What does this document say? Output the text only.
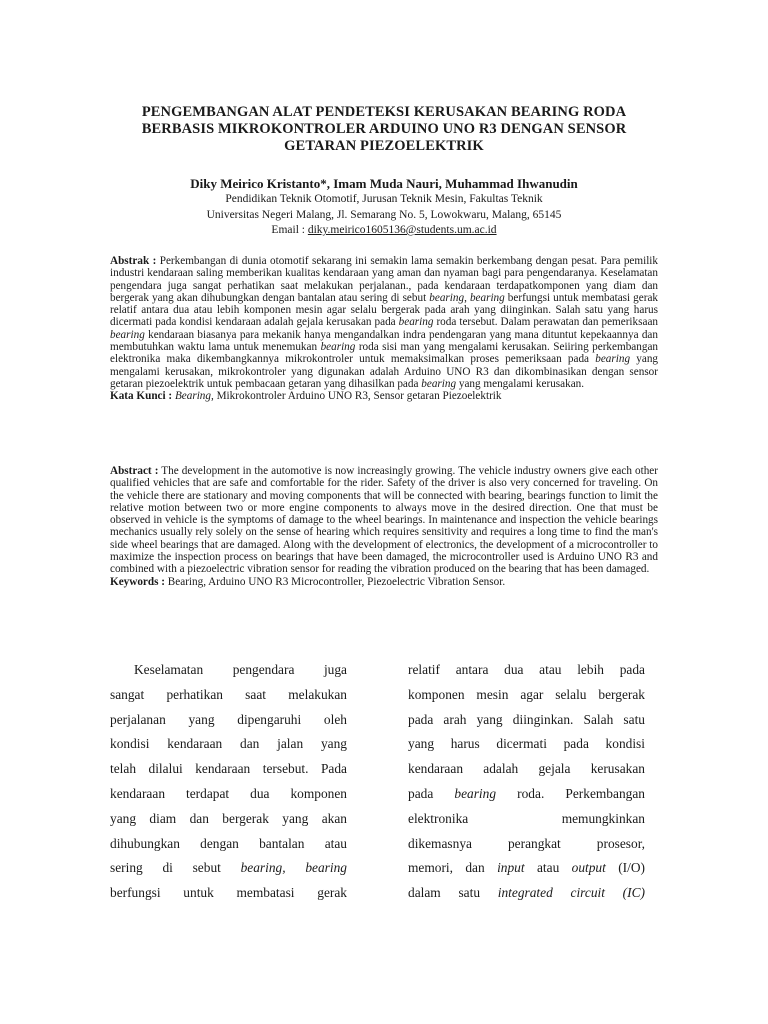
PENGEMBANGAN ALAT PENDETEKSI KERUSAKAN BEARING RODA
BERBASIS MIKROKONTROLER ARDUINO UNO R3 DENGAN SENSOR
GETARAN PIEZOELEKTRIK
Diky Meirico Kristanto*, Imam Muda Nauri, Muhammad Ihwanudin
Pendidikan Teknik Otomotif, Jurusan Teknik Mesin, Fakultas Teknik
Universitas Negeri Malang, Jl. Semarang No. 5, Lowokwaru, Malang, 65145
Email : diky.meirico1605136@students.um.ac.id
Abstrak : Perkembangan di dunia otomotif sekarang ini semakin lama semakin berkembang dengan pesat. Para pemilik industri kendaraan saling memberikan kualitas kendaraan yang aman dan nyaman bagi para pengendaranya. Keselamatan pengendara juga sangat perhatikan saat melakukan perjalanan., pada kendaraan terdapatkomponen yang diam dan bergerak yang akan dihubungkan dengan bantalan atau sering di sebut bearing, bearing berfungsi untuk membatasi gerak relatif antara dua atau lebih komponen mesin agar selalu bergerak pada arah yang diinginkan. Salah satu yang harus dicermati pada kondisi kendaraan adalah gejala kerusakan pada bearing roda tersebut. Dalam perawatan dan pemeriksaan bearing kendaraan biasanya para mekanik hanya mengandalkan indra pendengaran yang mana dituntut kepekaannya dan membutuhkan waktu lama untuk menemukan bearing roda sisi man yang mengalami kerusakan. Seiiring perkembangan elektronika maka dikembangkannya mikrokontroler untuk memaksimalkan proses pemeriksaan pada bearing yang mengalami kerusakan, mikrokontroler yang digunakan adalah Arduino UNO R3 dan dikombinasikan dengan sensor getaran piezoelektrik untuk pembacaan getaran yang dihasilkan pada bearing yang mengalami kerusakan.
Kata Kunci : Bearing, Mikrokontroler Arduino UNO R3, Sensor getaran Piezoelektrik
Abstract : The development in the automotive is now increasingly growing. The vehicle industry owners give each other qualified vehicles that are safe and comfortable for the rider. Safety of the driver is also very concerned for traveling. On the vehicle there are stationary and moving components that will be connected with bearing, bearings function to limit the relative motion between two or more engine components to always move in the desired direction. One that must be observed in vehicle is the symptoms of damage to the wheel bearings. In maintenance and inspection the vehicle bearings mechanics usually rely solely on the sense of hearing which requires sensitivity and requires a long time to find the man's side wheel bearings that are damaged. Along with the development of electronics, the development of a microcontroller to maximize the inspection process on bearings that have been damaged, the microcontroller used is Arduino UNO R3 and combined with a piezoelectric vibration sensor for reading the vibration produced on the bearing that has been damaged.
Keywords : Bearing, Arduino UNO R3 Microcontroller, Piezoelectric Vibration Sensor.
Keselamatan pengendara juga
sangat perhatikan saat melakukan
perjalanan yang dipengaruhi oleh
kondisi kendaraan dan jalan yang
telah dilalui kendaraan tersebut. Pada
kendaraan terdapat dua komponen
yang diam dan bergerak yang akan
dihubungkan dengan bantalan atau
sering di sebut bearing, bearing
berfungsi untuk membatasi gerak
relatif antara dua atau lebih pada
komponen mesin agar selalu bergerak
pada arah yang diinginkan. Salah satu
yang harus dicermati pada kondisi
kendaraan adalah gejala kerusakan
pada bearing roda. Perkembangan
elektronika memungkinkan
dikemasnya perangkat prosesor,
memori, dan input atau output (I/O)
dalam satu integrated circuit (IC)
